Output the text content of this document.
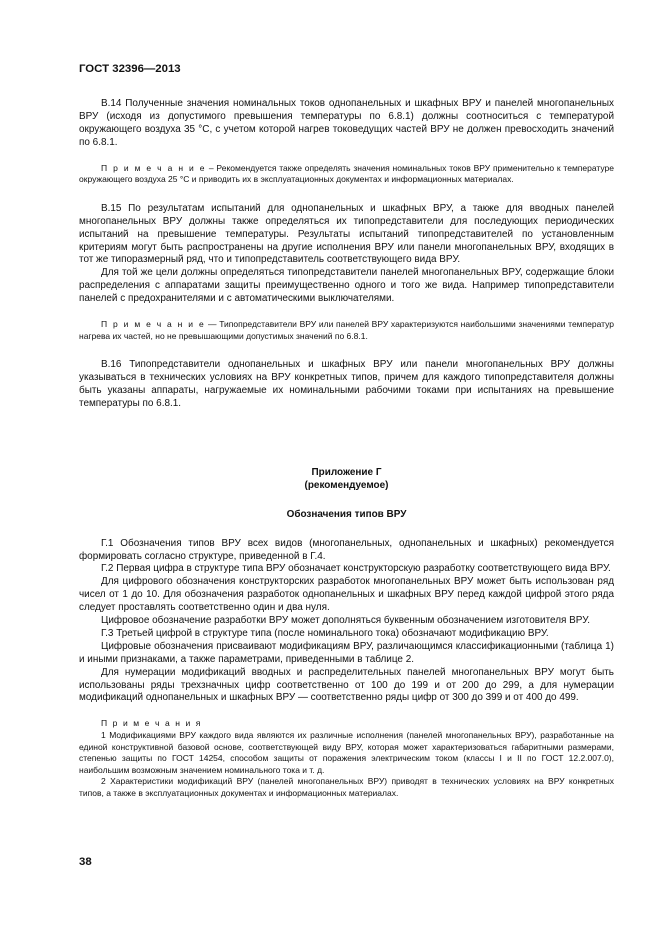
ГОСТ 32396—2013

В.14 Полученные значения номинальных токов однопанельных и шкафных ВРУ и панелей многопанельных ВРУ (исходя из допустимого превышения температуры по 6.8.1) должны соотноситься с температурой окружающего воздуха 35 °С, с учетом которой нагрев токоведущих частей ВРУ не должен превосходить значений по 6.8.1.

П р и м е ч а н и е – Рекомендуется также определять значения номинальных токов ВРУ применительно к температуре окружающего воздуха 25 °С и приводить их в эксплуатационных документах и информационных материалах.

В.15 По результатам испытаний для однопанельных и шкафных ВРУ, а также для вводных панелей многопанельных ВРУ должны также определяться их типопредставители для последующих периодических испытаний на превышение температуры. Результаты испытаний типопредставителей по установленным критериям могут быть распространены на другие исполнения ВРУ или панели многопанельных ВРУ, входящих в тот же типоразмерный ряд, что и типопредставитель соответствующего вида ВРУ.

Для той же цели должны определяться типопредставители панелей многопанельных ВРУ, содержащие блоки распределения с аппаратами защиты преимущественно одного и того же вида. Например типопредставители панелей с предохранителями и с автоматическими выключателями.

П р и м е ч а н и е — Типопредставители ВРУ или панелей ВРУ характеризуются наибольшими значениями температур нагрева их частей, но не превышающими допустимых значений по 6.8.1.

В.16 Типопредставители однопанельных и шкафных ВРУ или панели многопанельных ВРУ должны указываться в технических условиях на ВРУ конкретных типов, причем для каждого типопредставителя должны быть указаны аппараты, нагружаемые их номинальными рабочими токами при испытаниях на превышение температуры по 6.8.1.

Приложение Г

(рекомендуемое)

Обозначения типов ВРУ

Г.1 Обозначения типов ВРУ всех видов (многопанельных, однопанельных и шкафных) рекомендуется формировать согласно структуре, приведенной в Г.4.

Г.2 Первая цифра в структуре типа ВРУ обозначает конструкторскую разработку соответствующего вида ВРУ.

Для цифрового обозначения конструкторских разработок многопанельных ВРУ может быть использован ряд чисел от 1 до 10. Для обозначения разработок однопанельных и шкафных ВРУ перед каждой цифрой этого ряда следует проставлять соответственно один и два нуля.

Цифровое обозначение разработки ВРУ может дополняться буквенным обозначением изготовителя ВРУ.

Г.3 Третьей цифрой в структуре типа (после номинального тока) обозначают модификацию ВРУ.

Цифровые обозначения присваивают модификациям ВРУ, различающимся классификационными (таблица 1) и иными признаками, а также параметрами, приведенными в таблице 2.

Для нумерации модификаций вводных и распределительных панелей многопанельных ВРУ могут быть использованы ряды трехзначных цифр соответственно от 100 до 199 и от 200 до 299, а для нумерации модификаций однопанельных и шкафных ВРУ — соответственно ряды цифр от 300 до 399 и от 400 до 499.

П р и м е ч а н и я

1 Модификациями ВРУ каждого вида являются их различные исполнения (панелей многопанельных ВРУ), разработанные на единой конструктивной базовой основе, соответствующей виду ВРУ, которая может характеризоваться габаритными размерами, степенью защиты по ГОСТ 14254, способом защиты от поражения электрическим током (классы I и II по ГОСТ 12.2.007.0), наибольшим возможным значением номинального тока и т. д.

2 Характеристики модификаций ВРУ (панелей многопанельных ВРУ) приводят в технических условиях на ВРУ конкретных типов, а также в эксплуатационных документах и информационных материалах.

38
